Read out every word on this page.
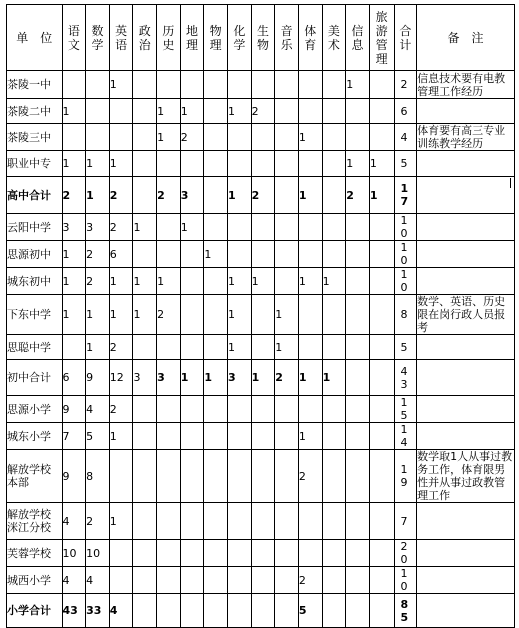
单　位	语文	数学	英语	政治	历史	地理	物理	化学	生物	音乐	体育	美术	信息	旅游管理	合计	备　注
茶陵一中			1										1		2	信息技术要有电教管理工作经历
茶陵二中	1				1	1		1	2						6	
茶陵三中					1	2					1				4	体育要有高三专业训练教学经历
职业中专	1	1	1										1	1	5	
高中合计	2	1	2		2	3		1	2		1		2	1	17	
云阳中学	3	3	2	1		1									10	
思源初中	1	2	6				1								10	
城东初中	1	2	1	1	1			1	1		1	1			10	
下东中学	1	1	1	1	2			1		1					8	数学、英语、历史限在岗行政人员报考
思聪中学		1	2					1		1					5	
初中合计	6	9	12	3	3	1	1	3	1	2	1	1			43	
思源小学	9	4	2												15	
城东小学	7	5	1								1				14	
解放学校本部	9	8									2				19	数学取1人从事过教务工作，体育限男性并从事过政教管理工作
解放学校洣江分校	4	2	1												7	
芙蓉学校	10	10													20	
城西小学	4	4									2				10	
小学合计	43	33	4								5				85	
